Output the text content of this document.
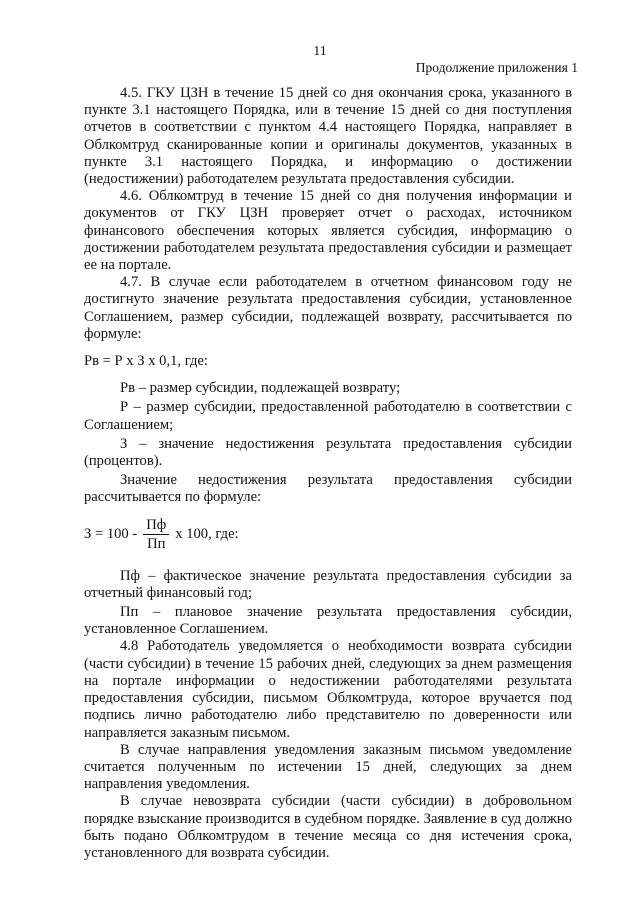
11
Продолжение приложения 1

4.5. ГКУ ЦЗН в течение 15 дней со дня окончания срока, указанного в пункте 3.1 настоящего Порядка, или в течение 15 дней со дня поступления отчетов в соответствии с пунктом 4.4 настоящего Порядка, направляет в Облкомтруд сканированные копии и оригиналы документов, указанных в пункте 3.1 настоящего Порядка, и информацию о достижении (недостижении) работодателем результата предоставления субсидии.

4.6. Облкомтруд в течение 15 дней со дня получения информации и документов от ГКУ ЦЗН проверяет отчет о расходах, источником финансового обеспечения которых является субсидия, информацию о достижении работодателем результата предоставления субсидии и размещает ее на портале.

4.7. В случае если работодателем в отчетном финансовом году не достигнуто значение результата предоставления субсидии, установленное Соглашением, размер субсидии, подлежащей возврату, рассчитывается по формуле:

Рв = Р х З х 0,1, где:

Рв – размер субсидии, подлежащей возврату;

Р – размер субсидии, предоставленной работодателю в соответствии с Соглашением;

З – значение недостижения результата предоставления субсидии (процентов).

Значение недостижения результата предоставления субсидии рассчитывается по формуле:

$З = 100 - \frac{Пф}{Пп}$ х 100, где:

Пф – фактическое значение результата предоставления субсидии за отчетный финансовый год;

Пп – плановое значение результата предоставления субсидии, установленное Соглашением.

4.8 Работодатель уведомляется о необходимости возврата субсидии (части субсидии) в течение 15 рабочих дней, следующих за днем размещения на портале информации о недостижении работодателями результата предоставления субсидии, письмом Облкомтруда, которое вручается под подпись лично работодателю либо представителю по доверенности или направляется заказным письмом.

В случае направления уведомления заказным письмом уведомление считается полученным по истечении 15 дней, следующих за днем направления уведомления.

В случае невозврата субсидии (части субсидии) в добровольном порядке взыскание производится в судебном порядке. Заявление в суд должно быть подано Облкомтрудом в течение месяца со дня истечения срока, установленного для возврата субсидии.
